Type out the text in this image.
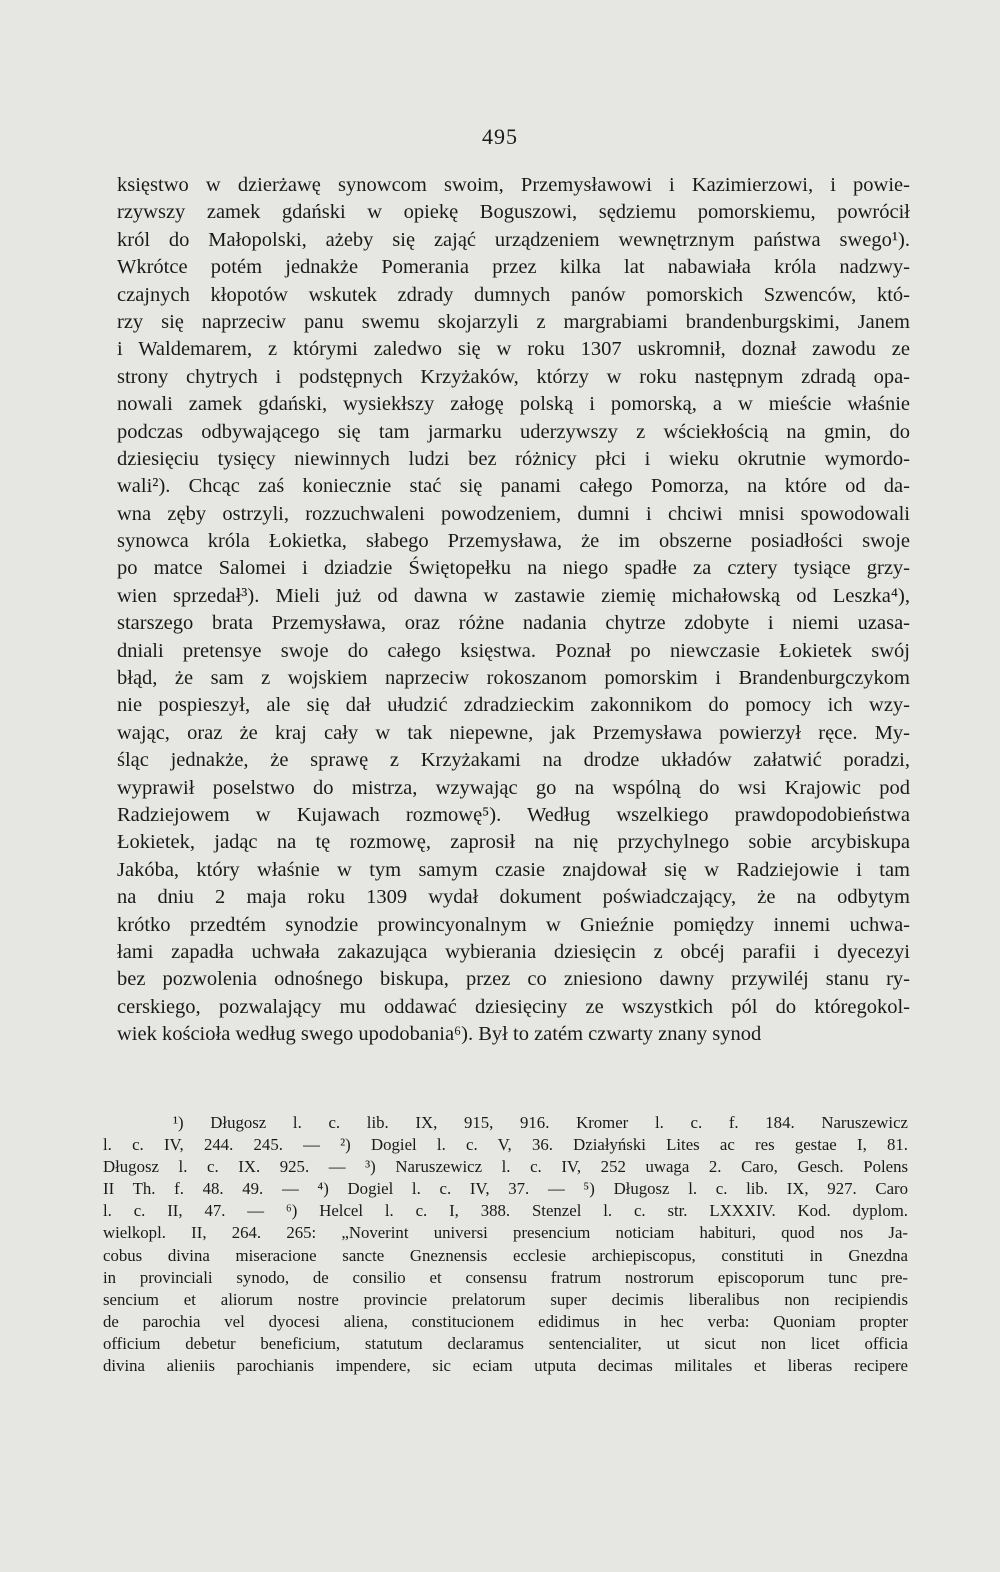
495
księstwo w dzierżawę synowcom swoim, Przemysławowi i Kazimierzowi, i powie-
rzywszy zamek gdański w opiekę Boguszowi, sędziemu pomorskiemu, powrócił
król do Małopolski, ażeby się zająć urządzeniem wewnętrznym państwa swego¹).
Wkrótce potém jednakże Pomerania przez kilka lat nabawiała króla nadzwy-
czajnych kłopotów wskutek zdrady dumnych panów pomorskich Szwenców, któ-
rzy się naprzeciw panu swemu skojarzyli z margrabiami brandenburgskimi, Janem
i Waldemarem, z którymi zaledwo się w roku 1307 uskromnił, doznał zawodu ze
strony chytrych i podstępnych Krzyżaków, którzy w roku następnym zdradą opa-
nowali zamek gdański, wysiekłszy załogę polską i pomorską, a w mieście właśnie
podczas odbywającego się tam jarmarku uderzywszy z wściekłością na gmin, do
dziesięciu tysięcy niewinnych ludzi bez różnicy płci i wieku okrutnie wymordo-
wali²). Chcąc zaś koniecznie stać się panami całego Pomorza, na które od da-
wna zęby ostrzyli, rozzuchwaleni powodzeniem, dumni i chciwi mnisi spowodowali
synowca króla Łokietka, słabego Przemysława, że im obszerne posiadłości swoje
po matce Salomei i dziadzie Świętopełku na niego spadłe za cztery tysiące grzy-
wien sprzedał³). Mieli już od dawna w zastawie ziemię michałowską od Leszka⁴),
starszego brata Przemysława, oraz różne nadania chytrze zdobyte i niemi uzasa-
dniali pretensye swoje do całego księstwa. Poznał po niewczasie Łokietek swój
błąd, że sam z wojskiem naprzeciw rokoszanom pomorskim i Brandenburgczykom
nie pospieszył, ale się dał ułudzić zdradzieckim zakonnikom do pomocy ich wzy-
wając, oraz że kraj cały w tak niepewne, jak Przemysława powierzył ręce. My-
śląc jednakże, że sprawę z Krzyżakami na drodze układów załatwić poradzi,
wyprawił poselstwo do mistrza, wzywając go na wspólną do wsi Krajowic pod
Radziejowem w Kujawach rozmowę⁵). Według wszelkiego prawdopodobieństwa
Łokietek, jadąc na tę rozmowę, zaprosił na nię przychylnego sobie arcybiskupa
Jakóba, który właśnie w tym samym czasie znajdował się w Radziejowie i tam
na dniu 2 maja roku 1309 wydał dokument poświadczający, że na odbytym
krótko przedtém synodzie prowincyonalnym w Gnieźnie pomiędzy innemi uchwa-
łami zapadła uchwała zakazująca wybierania dziesięcin z obcéj parafii i dyecezyi
bez pozwolenia odnośnego biskupa, przez co zniesiono dawny przywiléj stanu ry-
cerskiego, pozwalający mu oddawać dziesięciny ze wszystkich pól do któregokol-
wiek kościoła według swego upodobania⁶). Był to zatém czwarty znany synod
¹) Długosz l. c. lib. IX, 915, 916. Kromer l. c. f. 184. Naruszewicz
l. c. IV, 244. 245. — ²) Dogiel l. c. V, 36. Działyński Lites ac res gestae I, 81.
Długosz l. c. IX. 925. — ³) Naruszewicz l. c. IV, 252 uwaga 2. Caro, Gesch. Polens
II Th. f. 48. 49. — ⁴) Dogiel l. c. IV, 37. — ⁵) Długosz l. c. lib. IX, 927. Caro
l. c. II, 47. — ⁶) Helcel l. c. I, 388. Stenzel l. c. str. LXXXIV. Kod. dyplom.
wielkopl. II, 264. 265: „Noverint universi presencium noticiam habituri, quod nos Ja-
cobus divina miseracione sancte Gneznensis ecclesie archiepiscopus, constituti in Gnezdna
in provinciali synodo, de consilio et consensu fratrum nostrorum episcoporum tunc pre-
sencium et aliorum nostre provincie prelatorum super decimis liberalibus non recipiendis
de parochia vel dyocesi aliena, constitucionem edidimus in hec verba: Quoniam propter
officium debetur beneficium, statutum declaramus sentencialiter, ut sicut non licet officia
divina alieniis parochianis impendere, sic eciam utputa decimas militales et liberas recipere
